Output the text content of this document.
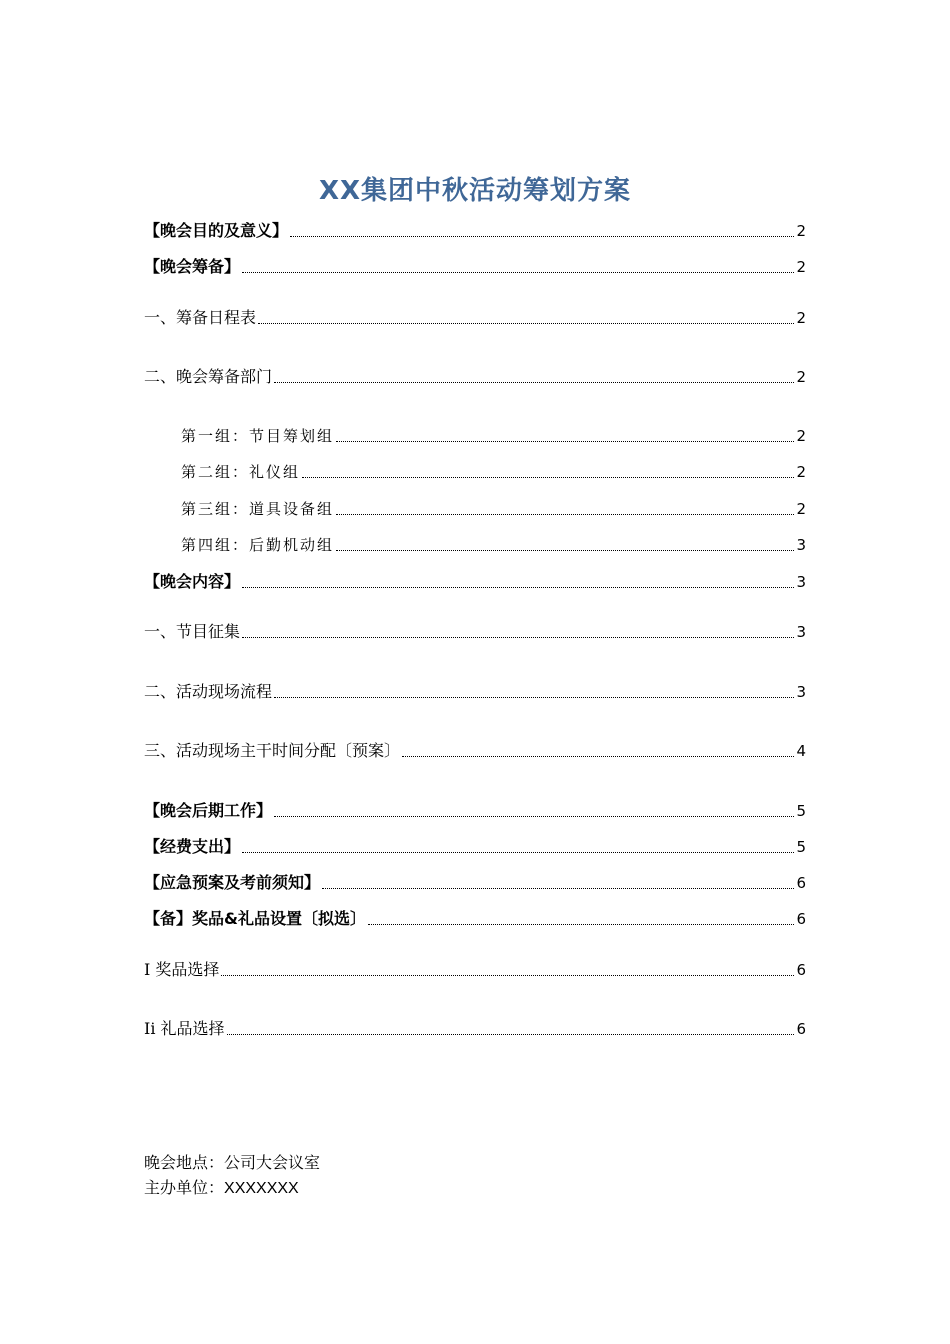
XX集团中秋活动筹划方案
【晚会目的及意义】	2
【晚会筹备】	2
一、筹备日程表	2
二、晚会筹备部门	2
第一组：节目筹划组	2
第二组：礼仪组	2
第三组：道具设备组	2
第四组：后勤机动组	3
【晚会内容】	3
一、节目征集	3
二、活动现场流程	3
三、活动现场主干时间分配〔预案〕	4
【晚会后期工作】	5
【经费支出】	5
【应急预案及考前须知】	6
【备】奖品&礼品设置〔拟选〕	6
I 奖品选择	6
Ii 礼品选择	6
晚会地点：公司大会议室
主办单位：XXXXXXX
